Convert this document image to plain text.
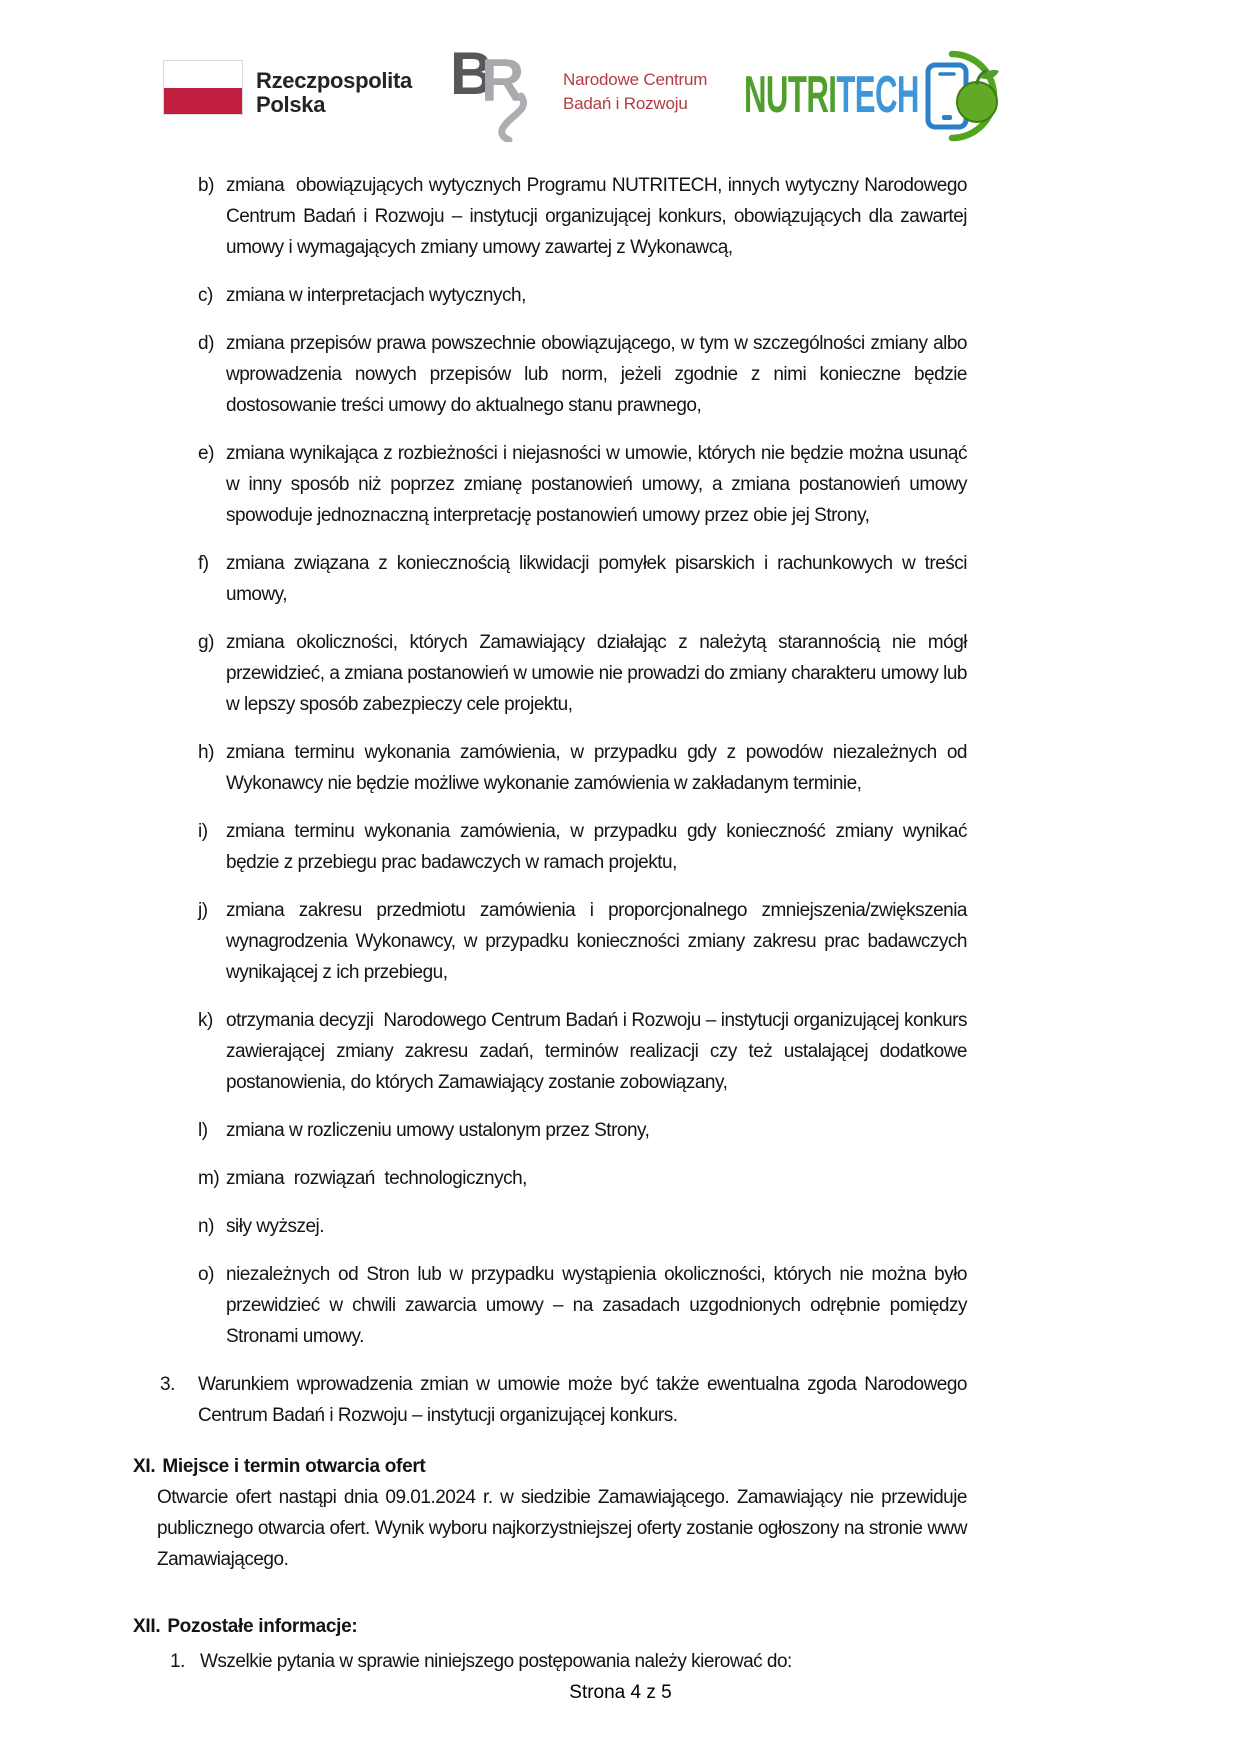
Rzeczpospolita
Polska	B
R Narodowe Centrum
Badań i Rozwoju	NUTRITECH
b) zmiana  obowiązujących wytycznych Programu NUTRITECH, innych wytyczny Narodowego Centrum Badań i Rozwoju – instytucji organizującej konkurs, obowiązujących dla zawartej umowy i wymagających zmiany umowy zawartej z Wykonawcą,
c) zmiana w interpretacjach wytycznych,
d) zmiana przepisów prawa powszechnie obowiązującego, w tym w szczególności zmiany albo wprowadzenia nowych przepisów lub norm, jeżeli zgodnie z nimi konieczne będzie dostosowanie treści umowy do aktualnego stanu prawnego,
e) zmiana wynikająca z rozbieżności i niejasności w umowie, których nie będzie można usunąć w inny sposób niż poprzez zmianę postanowień umowy, a zmiana postanowień umowy spowoduje jednoznaczną interpretację postanowień umowy przez obie jej Strony,
f) zmiana związana z koniecznością likwidacji pomyłek pisarskich i rachunkowych w treści umowy,
g) zmiana okoliczności, których Zamawiający działając z należytą starannością nie mógł przewidzieć, a zmiana postanowień w umowie nie prowadzi do zmiany charakteru umowy lub w lepszy sposób zabezpieczy cele projektu,
h) zmiana terminu wykonania zamówienia, w przypadku gdy z powodów niezależnych od Wykonawcy nie będzie możliwe wykonanie zamówienia w zakładanym terminie,
i) zmiana terminu wykonania zamówienia, w przypadku gdy konieczność zmiany wynikać będzie z przebiegu prac badawczych w ramach projektu,
j) zmiana zakresu przedmiotu zamówienia i proporcjonalnego zmniejszenia/zwiększenia wynagrodzenia Wykonawcy, w przypadku konieczności zmiany zakresu prac badawczych wynikającej z ich przebiegu,
k) otrzymania decyzji  Narodowego Centrum Badań i Rozwoju – instytucji organizującej konkurs zawierającej zmiany zakresu zadań, terminów realizacji czy też ustalającej dodatkowe postanowienia, do których Zamawiający zostanie zobowiązany,
l) zmiana w rozliczeniu umowy ustalonym przez Strony,
m) zmiana  rozwiązań  technologicznych,
n) siły wyższej.
o) niezależnych od Stron lub w przypadku wystąpienia okoliczności, których nie można było przewidzieć w chwili zawarcia umowy – na zasadach uzgodnionych odrębnie pomiędzy Stronami umowy.
3.	Warunkiem wprowadzenia zmian w umowie może być także ewentualna zgoda Narodowego Centrum Badań i Rozwoju – instytucji organizującej konkurs.
XI. Miejsce i termin otwarcia ofert
Otwarcie ofert nastąpi dnia 09.01.2024 r. w siedzibie Zamawiającego. Zamawiający nie przewiduje publicznego otwarcia ofert. Wynik wyboru najkorzystniejszej oferty zostanie ogłoszony na stronie www Zamawiającego.
XII. Pozostałe informacje:
1. Wszelkie pytania w sprawie niniejszego postępowania należy kierować do:
Strona 4 z 5
